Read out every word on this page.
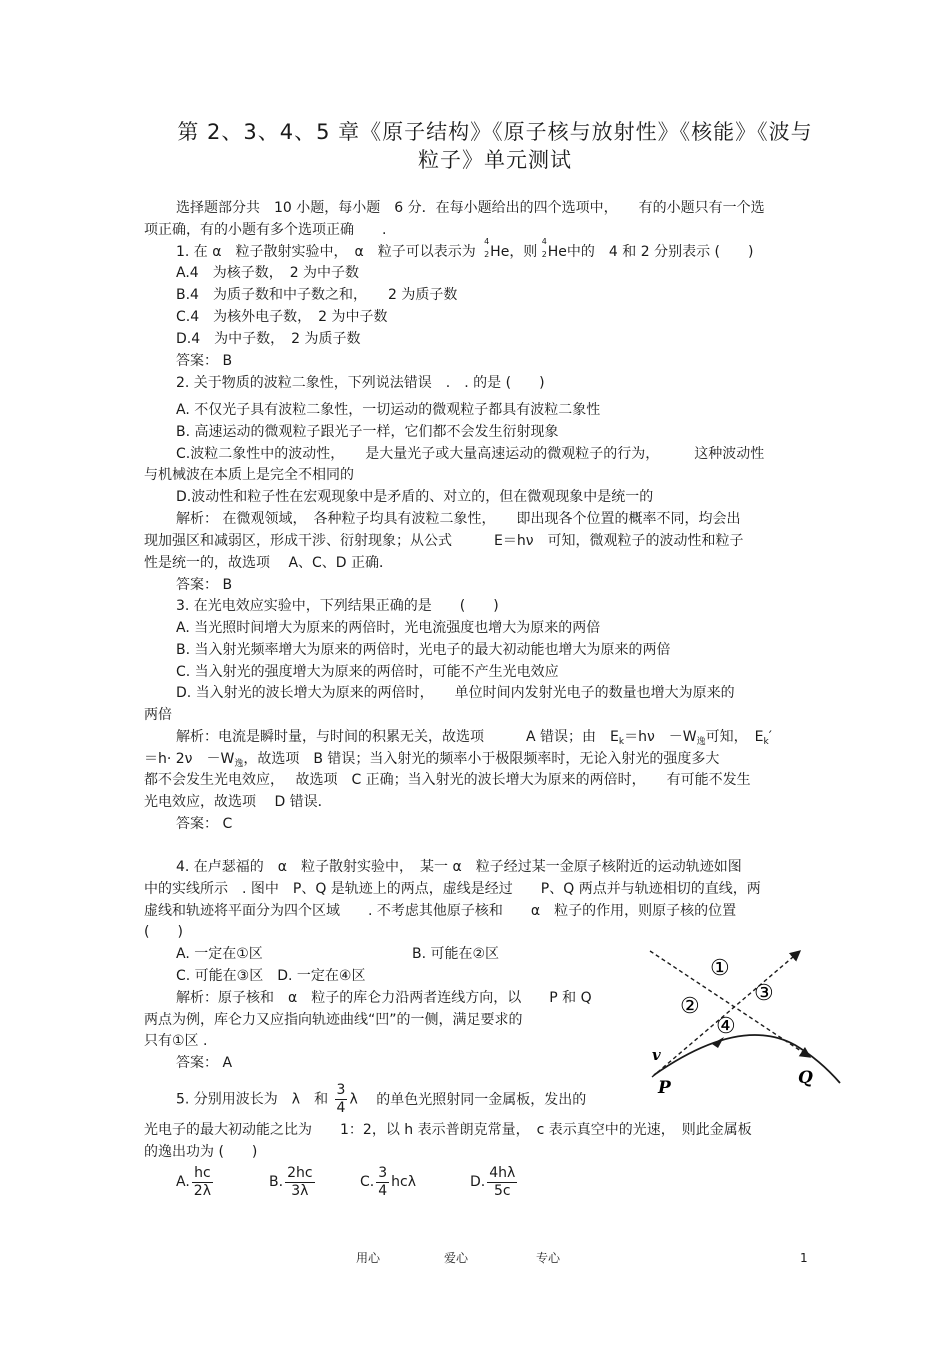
第 2、3、4、5 章《原子结构》《原子核与放射性》《核能》《波与
粒子》单元测试
选择题部分共　10 小题，每小题　6 分．在每小题给出的四个选项中，　　有的小题只有一个选
项正确，有的小题有多个选项正确　　.
1. 在 α　粒子散射实验中，　α　粒子可以表示为
4
2 He，则
4
2 He中的　4 和 2 分别表示 (　　)
A.4　为核子数，　2 为中子数
B.4　为质子数和中子数之和，　　2 为质子数
C.4　为核外电子数，　2 为中子数
D.4　为中子数，　2 为质子数
答案： B
2. 关于物质的波粒二象性，下列说法错误　.　. 的是 (　　)
A. 不仅光子具有波粒二象性，一切运动的微观粒子都具有波粒二象性
B. 高速运动的微观粒子跟光子一样，它们都不会发生衍射现象
C.波粒二象性中的波动性，　　是大量光子或大量高速运动的微观粒子的行为，　　　这种波动性
与机械波在本质上是完全不相同的
D.波动性和粒子性在宏观现象中是矛盾的、对立的，但在微观现象中是统一的
解析： 在微观领域，　各种粒子均具有波粒二象性，　　即出现各个位置的概率不同，均会出
现加强区和减弱区，形成干涉、衍射现象；从公式　　　E＝hν　可知，微观粒子的波动性和粒子
性是统一的，故选项　 A、C、D 正确．
答案： B
3. 在光电效应实验中，下列结果正确的是　　(　　)
A. 当光照时间增大为原来的两倍时，光电流强度也增大为原来的两倍
B. 当入射光频率增大为原来的两倍时，光电子的最大初动能也增大为原来的两倍
C. 当入射光的强度增大为原来的两倍时，可能不产生光电效应
D. 当入射光的波长增大为原来的两倍时，　　单位时间内发射光电子的数量也增大为原来的
两倍
解析：电流是瞬时量，与时间的积累无关，故选项　　　A 错误；由　$E_k=h\nu$　$-W_逸$可知，　$E_k'$
＝h· 2ν　$-W_逸$，故选项　B 错误；当入射光的频率小于极限频率时，无论入射光的强度多大
都不会发生光电效应，　 故选项　C 正确；当入射光的波长增大为原来的两倍时，　　有可能不发生
光电效应，故选项　 D 错误．
答案： C
4. 在卢瑟福的　α　粒子散射实验中，　某一 α　粒子经过某一金原子核附近的运动轨迹如图
中的实线所示　. 图中　P、Q 是轨迹上的两点，虚线是经过　　P、Q 两点并与轨迹相切的直线，两
虚线和轨迹将平面分为四个区域　　. 不考虑其他原子核和　　α　粒子的作用，则原子核的位置
(　　)
A. 一定在①区	B. 可能在②区
C. 可能在③区　D. 一定在④区
解析：原子核和　α　粒子的库仑力沿两者连线方向，以　　P 和 Q
两点为例，库仑力又应指向轨迹曲线“凹”的一侧，满足要求的
只有①区 .
答案： A
①
②
③
④
v
P	Q
5. 分别用波长为　λ　和 $\frac{3}{4}$ λ 的单色光照射同一金属板，发出的
光电子的最大初动能之比为　　1：2，以 h 表示普朗克常量，　c 表示真空中的光速，　则此金属板
的逸出功为 (　　)
A. $\frac{hc}{2\lambda}$	B. $\frac{2hc}{3\lambda}$	C. $\frac{3}{4}$ hcλ	D. $\frac{4h\lambda}{5c}$
用心	爱心	专心	1
